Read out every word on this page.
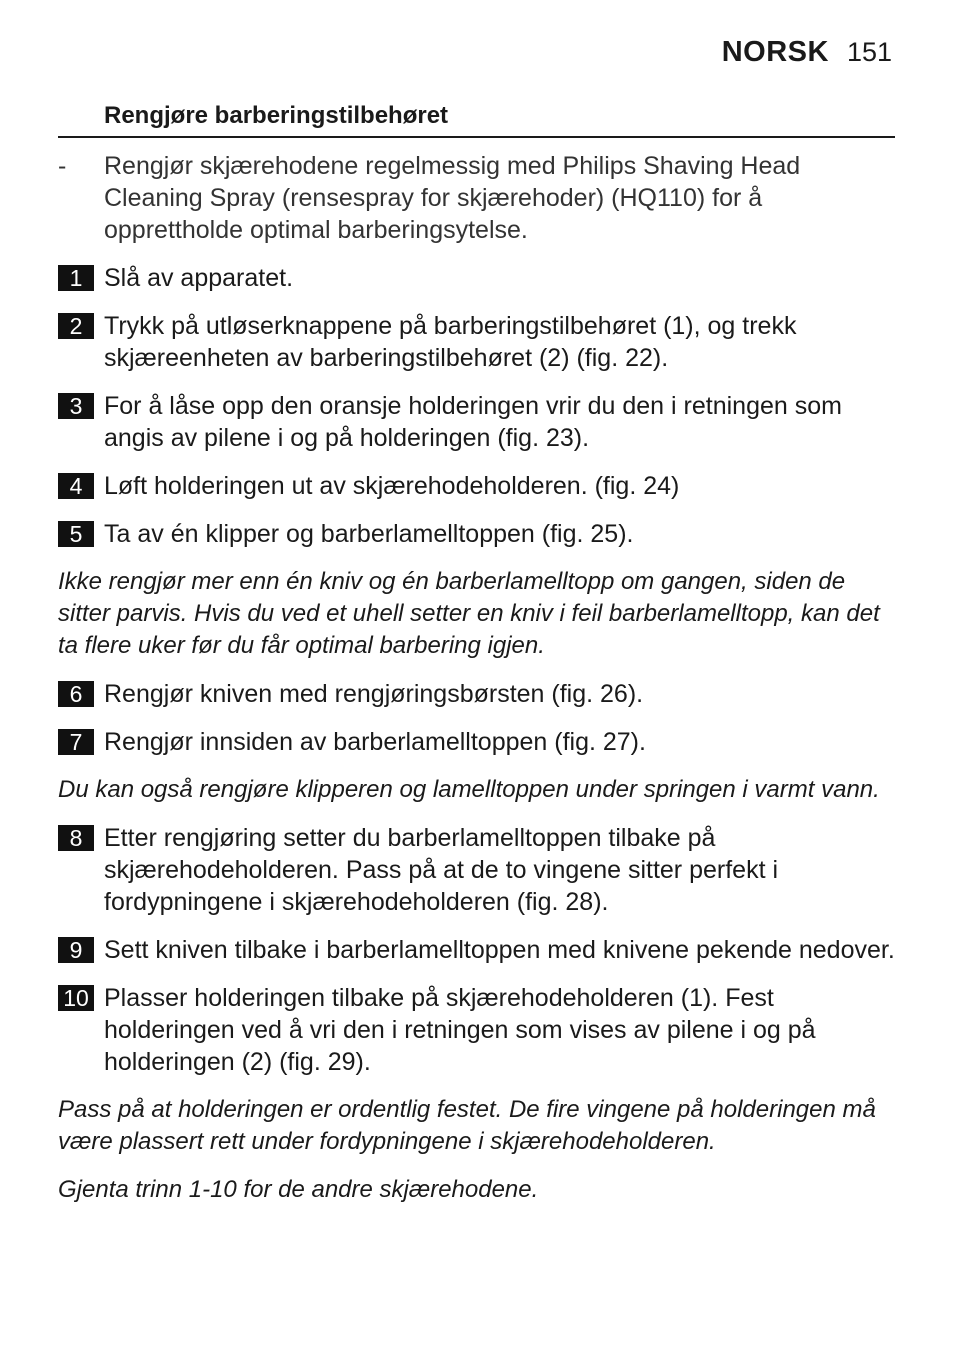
NORSK 151
Rengjøre barberingstilbehøret
-	Rengjør skjærehodene regelmessig med Philips Shaving Head Cleaning Spray (rensespray for skjærehoder) (HQ110) for å opprettholde optimal barberingsytelse.

1 Slå av apparatet.

2 Trykk på utløserknappene på barberingstilbehøret (1), og trekk skjæreenheten av barberingstilbehøret (2) (fig. 22).

3 For å låse opp den oransje holderingen vrir du den i retningen som angis av pilene i og på holderingen (fig. 23).

4 Løft holderingen ut av skjærehodeholderen. (fig. 24)

5 Ta av én klipper og barberlamelltoppen (fig. 25).

Ikke rengjør mer enn én kniv og én barberlamelltopp om gangen, siden de sitter parvis. Hvis du ved et uhell setter en kniv i feil barberlamelltopp, kan det ta flere uker før du får optimal barbering igjen.

6 Rengjør kniven med rengjøringsbørsten (fig. 26).

7 Rengjør innsiden av barberlamelltoppen (fig. 27).

Du kan også rengjøre klipperen og lamelltoppen under springen i varmt vann.

8 Etter rengjøring setter du barberlamelltoppen tilbake på skjærehodeholderen. Pass på at de to vingene sitter perfekt i fordypningene i skjærehodeholderen (fig. 28).

9 Sett kniven tilbake i barberlamelltoppen med knivene pekende nedover.

10 Plasser holderingen tilbake på skjærehodeholderen (1). Fest holderingen ved å vri den i retningen som vises av pilene i og på holderingen (2) (fig. 29).

Pass på at holderingen er ordentlig festet. De fire vingene på holderingen må være plassert rett under fordypningene i skjærehodeholderen.

Gjenta trinn 1-10 for de andre skjærehodene.
